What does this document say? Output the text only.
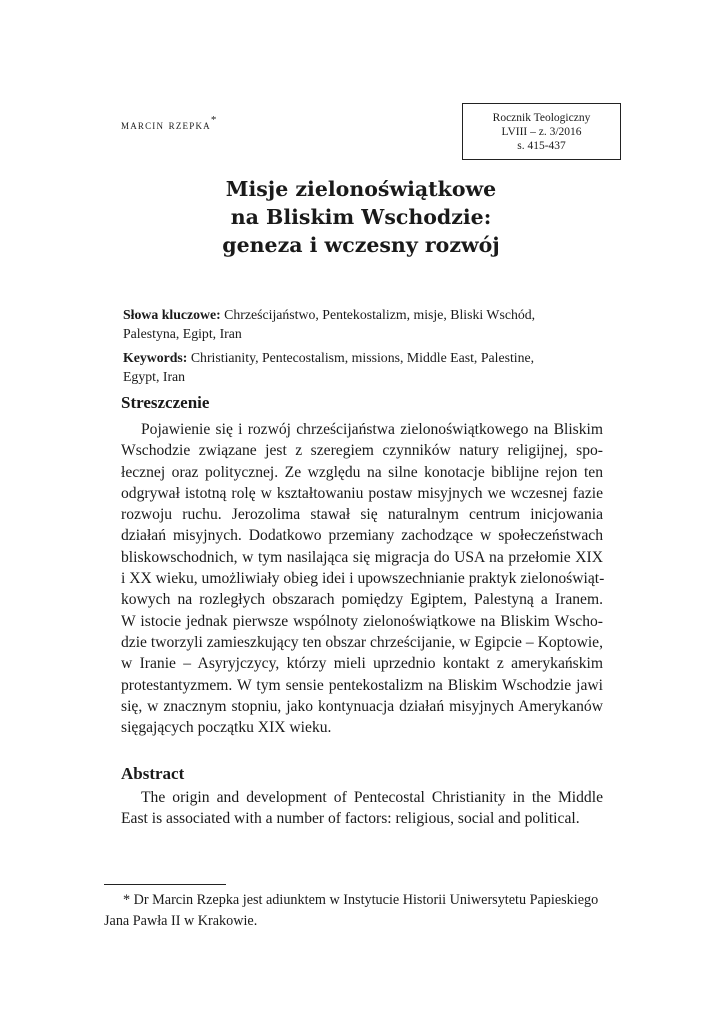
marcin rzepka*	Rocznik Teologiczny
LVIII – z. 3/2016
s. 415-437
Misje zielonoświątkowe
na Bliskim Wschodzie:
geneza i wczesny rozwój
Słowa kluczowe: Chrześcijaństwo, Pentekostalizm, misje, Bliski Wschód,
Palestyna, Egipt, Iran
Keywords: Christianity, Pentecostalism, missions, Middle East, Palestine,
Egypt, Iran
Streszczenie
Pojawienie się i rozwój chrześcijaństwa zielonoświątkowego na Bliskim
Wschodzie związane jest z szeregiem czynników natury religijnej, spo-
łecznej oraz politycznej. Ze względu na silne konotacje biblijne rejon ten
odgrywał istotną rolę w kształtowaniu postaw misyjnych we wczesnej fazie
rozwoju ruchu. Jerozolima stawał się naturalnym centrum inicjowania
działań misyjnych. Dodatkowo przemiany zachodzące w społeczeństwach
bliskowschodnich, w tym nasilająca się migracja do USA na przełomie XIX
i XX wieku, umożliwiały obieg idei i upowszechnianie praktyk zielonoświąt-
kowych na rozległych obszarach pomiędzy Egiptem, Palestyną a Iranem.
W istocie jednak pierwsze wspólnoty zielonoświątkowe na Bliskim Wscho-
dzie tworzyli zamieszkujący ten obszar chrześcijanie, w Egipcie – Koptowie,
w Iranie – Asyryjczycy, którzy mieli uprzednio kontakt z amerykańskim
protestantyzmem. W tym sensie pentekostalizm na Bliskim Wschodzie jawi
się, w znacznym stopniu, jako kontynuacja działań misyjnych Amerykanów
sięgających początku XIX wieku.
Abstract
The origin and development of Pentecostal Christianity in the Middle
East is associated with a number of factors: religious, social and political.
* Dr Marcin Rzepka jest adiunktem w Instytucie Historii Uniwersytetu Papieskiego
Jana Pawła II w Krakowie.
